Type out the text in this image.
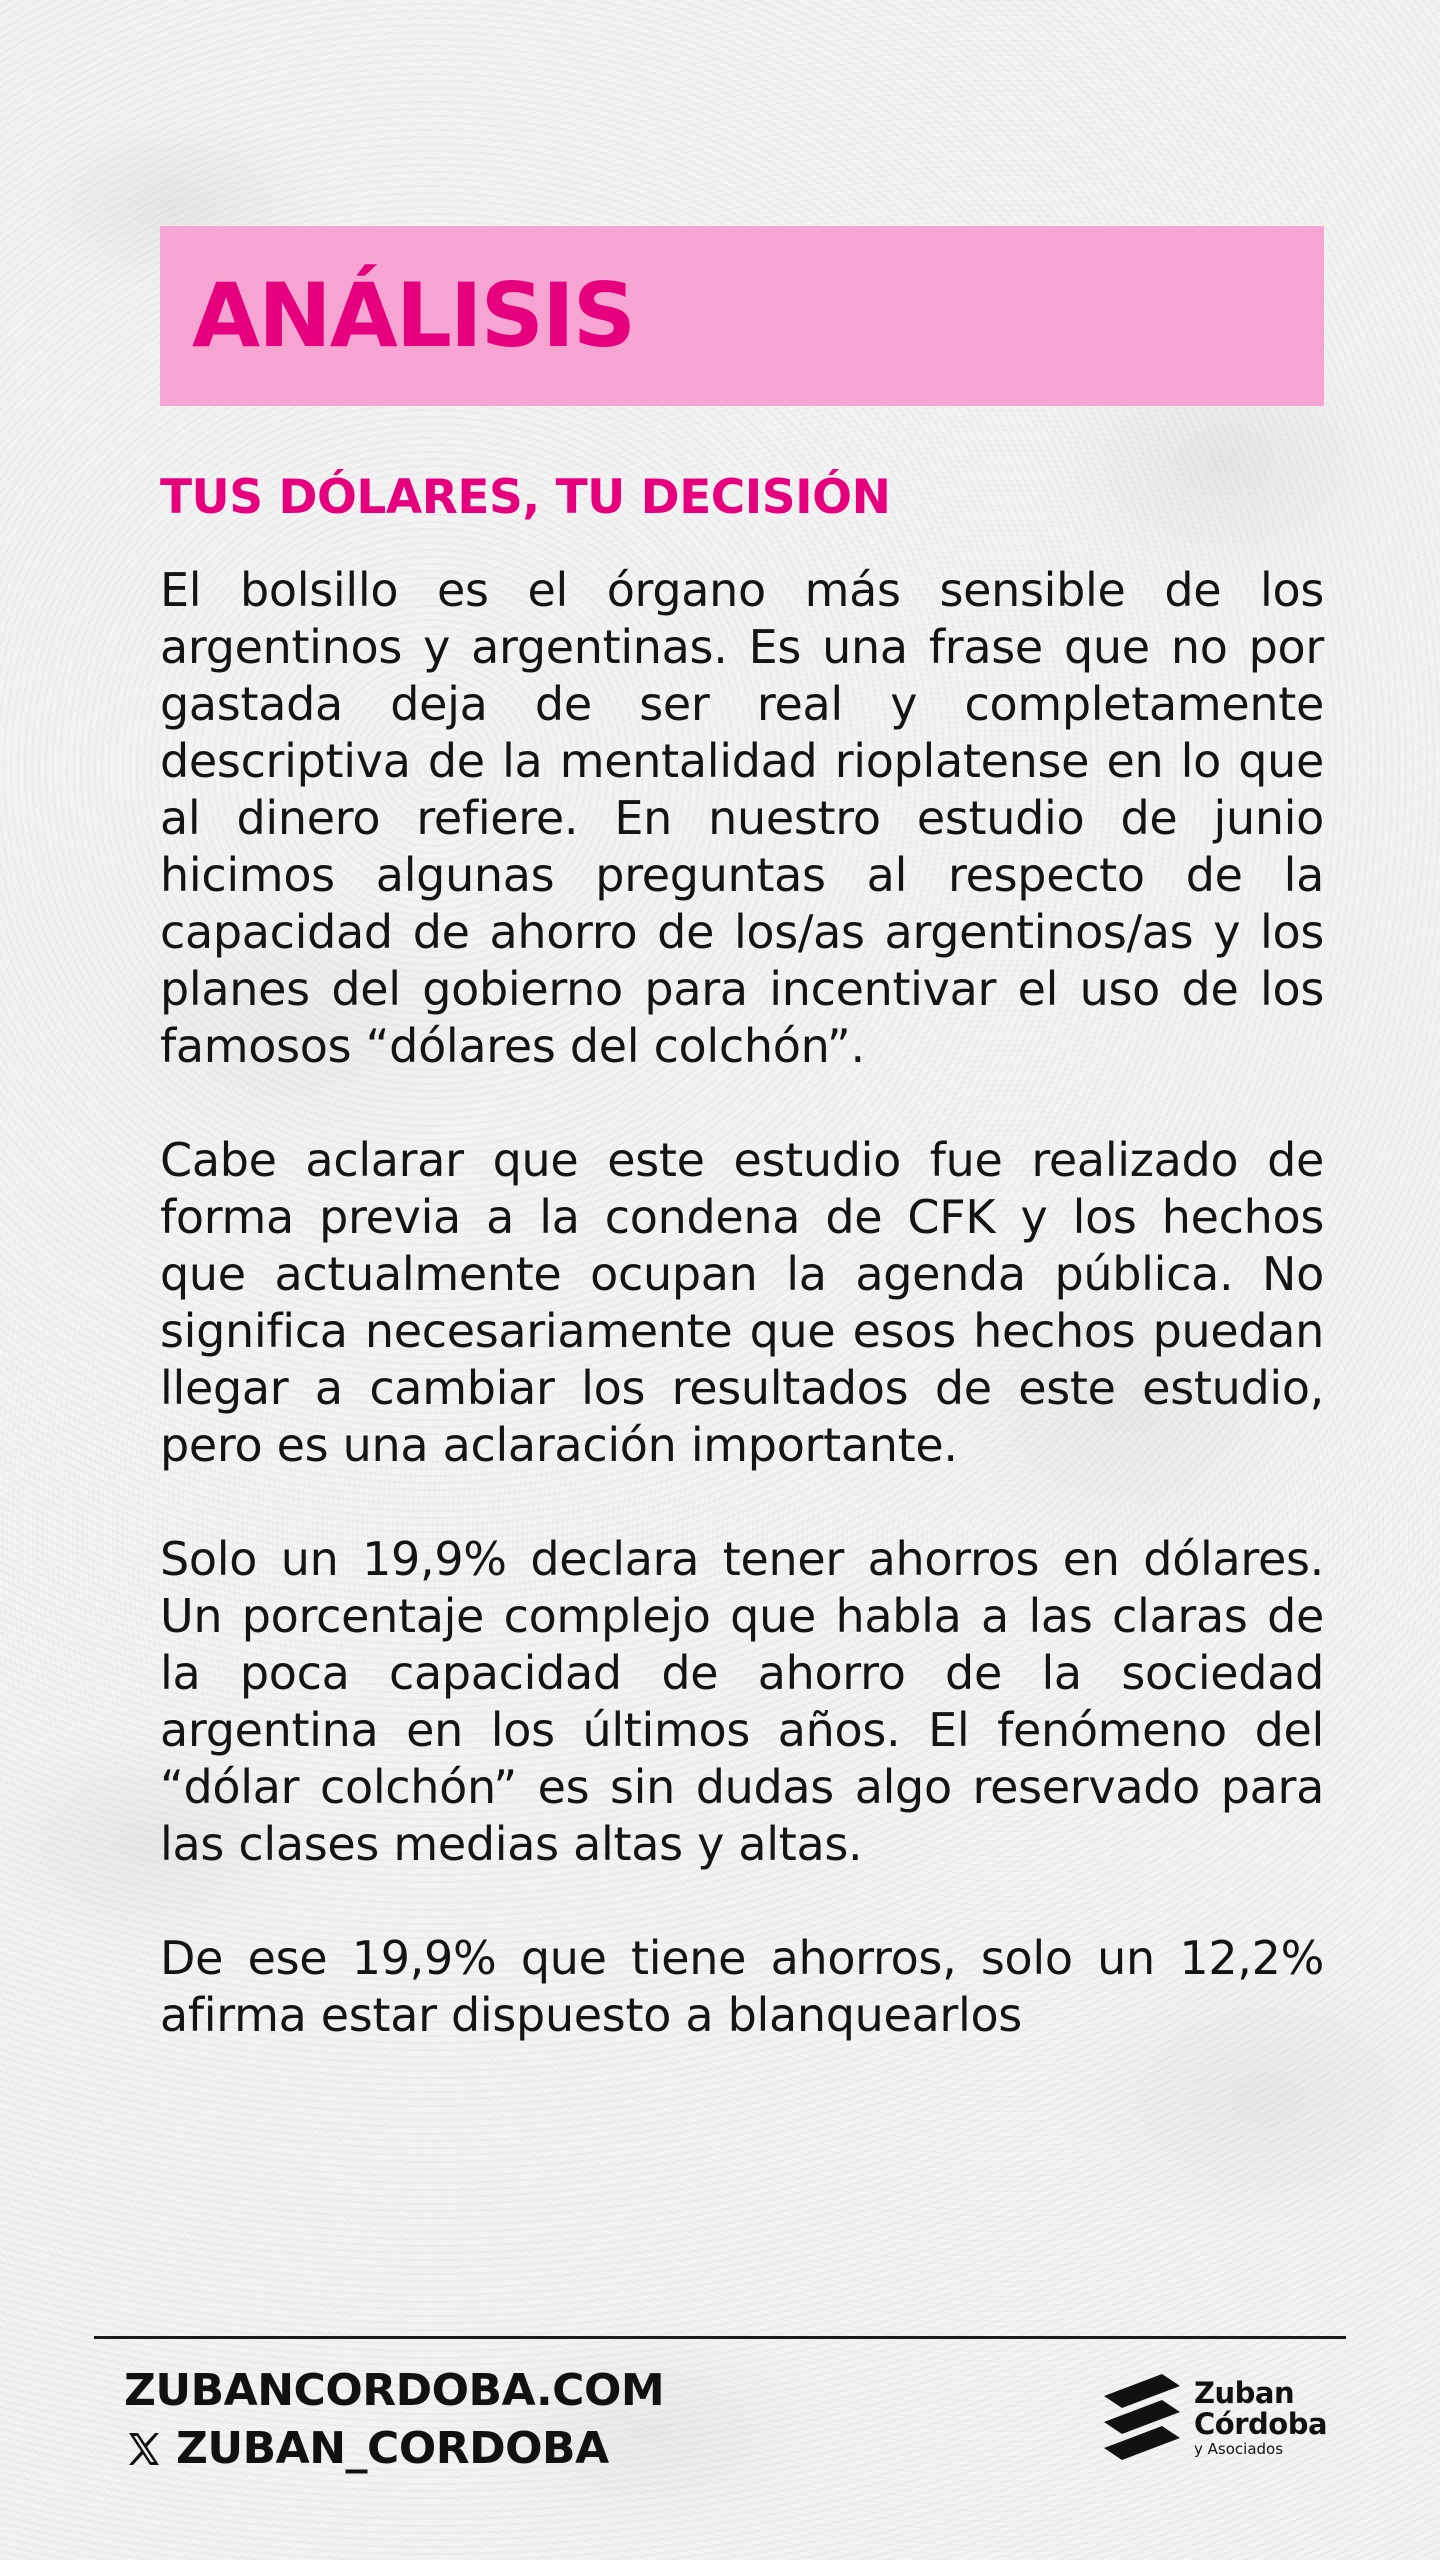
ANÁLISIS
TUS DÓLARES, TU DECISIÓN

El bolsillo es el órgano más sensible de los argentinos y argentinas. Es una frase que no por gastada deja de ser real y completamente descriptiva de la mentalidad rioplatense en lo que al dinero refiere. En nuestro estudio de junio hicimos algunas preguntas al respecto de la capacidad de ahorro de los/as argentinos/as y los planes del gobierno para incentivar el uso de los famosos “dólares del colchón”.

Cabe aclarar que este estudio fue realizado de forma previa a la condena de CFK y los hechos que actualmente ocupan la agenda pública. No significa necesariamente que esos hechos puedan llegar a cambiar los resultados de este estudio, pero es una aclaración importante.

Solo un 19,9% declara tener ahorros en dólares. Un porcentaje complejo que habla a las claras de la poca capacidad de ahorro de la sociedad argentina en los últimos años. El fenómeno del “dólar colchón” es sin dudas algo reservado para las clases medias altas y altas.

De ese 19,9% que tiene ahorros, solo un 12,2% afirma estar dispuesto a blanquearlos

ZUBANCORDOBA.COM
ZUBAN_CORDOBA
Zuban
Córdoba
y Asociados
